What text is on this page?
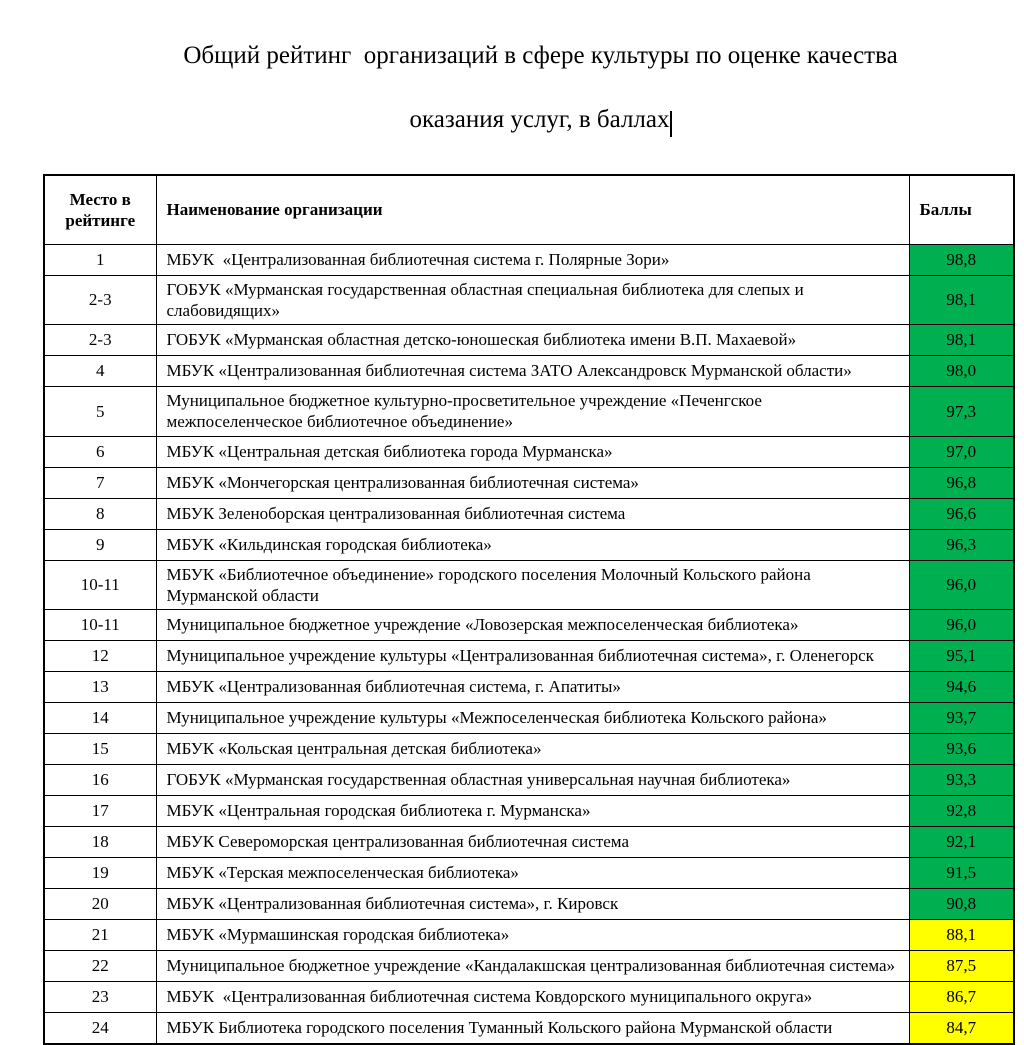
Общий рейтинг  организаций в сфере культуры по оценке качества

оказания услуг, в баллах

Место в рейтинге	Наименование организации	Баллы
1	МБУК  «Централизованная библиотечная система г. Полярные Зори»	98,8
2-3	ГОБУК «Мурманская государственная областная специальная библиотека для слепых и слабовидящих»	98,1
2-3	ГОБУК «Мурманская областная детско-юношеская библиотека имени В.П. Махаевой»	98,1
4	МБУК «Централизованная библиотечная система ЗАТО Александровск Мурманской области»	98,0
5	Муниципальное бюджетное культурно-просветительное учреждение «Печенгское межпоселенческое библиотечное объединение»	97,3
6	МБУК «Центральная детская библиотека города Мурманска»	97,0
7	МБУК «Мончегорская централизованная библиотечная система»	96,8
8	МБУК Зеленоборская централизованная библиотечная система	96,6
9	МБУК «Кильдинская городская библиотека»	96,3
10-11	МБУК «Библиотечное объединение» городского поселения Молочный Кольского района Мурманской области	96,0
10-11	Муниципальное бюджетное учреждение «Ловозерская межпоселенческая библиотека»	96,0
12	Муниципальное учреждение культуры «Централизованная библиотечная система», г. Оленегорск	95,1
13	МБУК «Централизованная библиотечная система, г. Апатиты»	94,6
14	Муниципальное учреждение культуры «Межпоселенческая библиотека Кольского района»	93,7
15	МБУК «Кольская центральная детская библиотека»	93,6
16	ГОБУК «Мурманская государственная областная универсальная научная библиотека»	93,3
17	МБУК «Центральная городская библиотека г. Мурманска»	92,8
18	МБУК Североморская централизованная библиотечная система	92,1
19	МБУК «Терская межпоселенческая библиотека»	91,5
20	МБУК «Централизованная библиотечная система», г. Кировск	90,8
21	МБУК «Мурмашинская городская библиотека»	88,1
22	Муниципальное бюджетное учреждение «Кандалакшская централизованная библиотечная система»	87,5
23	МБУК  «Централизованная библиотечная система Ковдорского муниципального округа»	86,7
24	МБУК Библиотека городского поселения Туманный Кольского района Мурманской области	84,7
